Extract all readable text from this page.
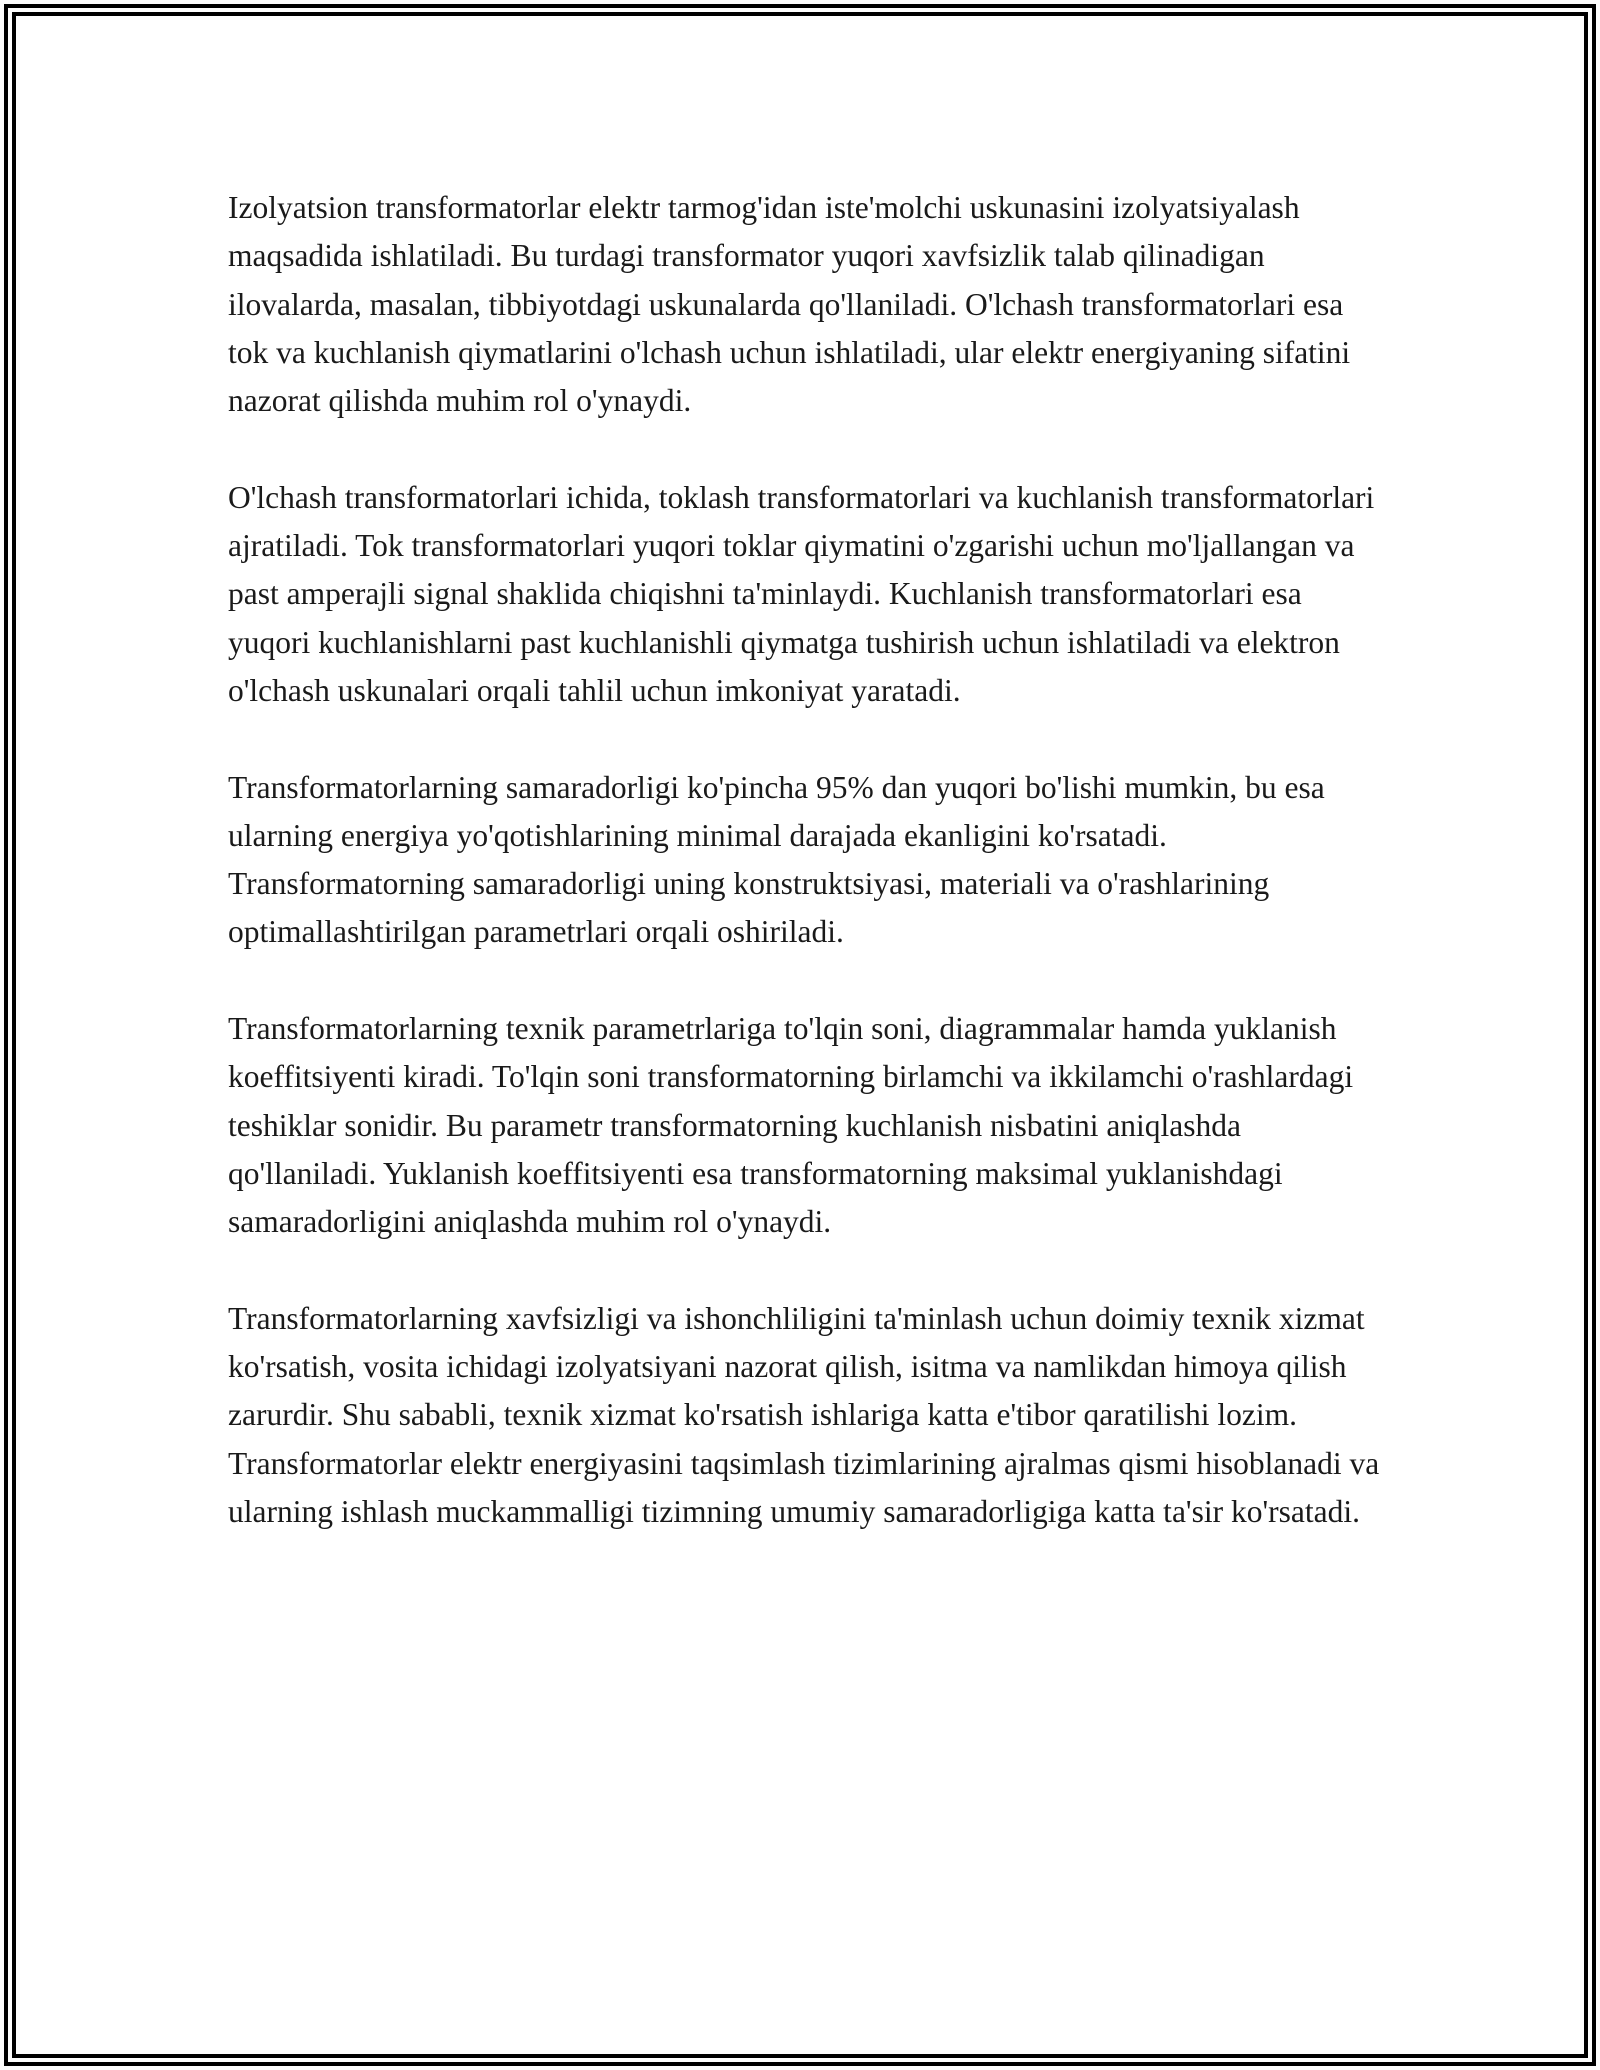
Izolyatsion transformatorlar elektr tarmog'idan iste'molchi uskunasini izolyatsiyalash maqsadida ishlatiladi. Bu turdagi transformator yuqori xavfsizlik talab qilinadigan ilovalarda, masalan, tibbiyotdagi uskunalarda qo'llaniladi. O'lchash transformatorlari esa tok va kuchlanish qiymatlarini o'lchash uchun ishlatiladi, ular elektr energiyaning sifatini nazorat qilishda muhim rol o'ynaydi.

O'lchash transformatorlari ichida, toklash transformatorlari va kuchlanish transformatorlari ajratiladi. Tok transformatorlari yuqori toklar qiymatini o'zgarishi uchun mo'ljallangan va past amperajli signal shaklida chiqishni ta'minlaydi. Kuchlanish transformatorlari esa yuqori kuchlanishlarni past kuchlanishli qiymatga tushirish uchun ishlatiladi va elektron o'lchash uskunalari orqali tahlil uchun imkoniyat yaratadi.

Transformatorlarning samaradorligi ko'pincha 95% dan yuqori bo'lishi mumkin, bu esa ularning energiya yo'qotishlarining minimal darajada ekanligini ko'rsatadi. Transformatorning samaradorligi uning konstruktsiyasi, materiali va o'rashlarining optimallashtirilgan parametrlari orqali oshiriladi.

Transformatorlarning texnik parametrlariga to'lqin soni, diagrammalar hamda yuklanish koeffitsiyenti kiradi. To'lqin soni transformatorning birlamchi va ikkilamchi o'rashlardagi teshiklar sonidir. Bu parametr transformatorning kuchlanish nisbatini aniqlashda qo'llaniladi. Yuklanish koeffitsiyenti esa transformatorning maksimal yuklanishdagi samaradorligini aniqlashda muhim rol o'ynaydi.

Transformatorlarning xavfsizligi va ishonchliligini ta'minlash uchun doimiy texnik xizmat ko'rsatish, vosita ichidagi izolyatsiyani nazorat qilish, isitma va namlikdan himoya qilish zarurdir. Shu sababli, texnik xizmat ko'rsatish ishlariga katta e'tibor qaratilishi lozim. Transformatorlar elektr energiyasini taqsimlash tizimlarining ajralmas qismi hisoblanadi va ularning ishlash muckammalligi tizimning umumiy samaradorligiga katta ta'sir ko'rsatadi.
